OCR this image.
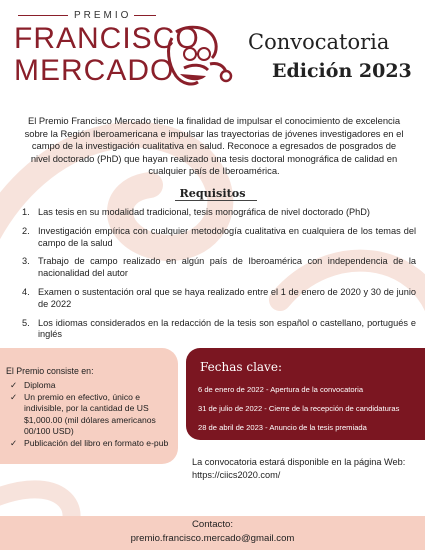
PREMIO
FRANCISCO
MERCADO
Convocatoria
Edición 2023
El Premio Francisco Mercado tiene la finalidad de impulsar el conocimiento de excelencia sobre la Región Iberoamericana e impulsar las trayectorias de jóvenes investigadores en el campo de la investigación cualitativa en salud. Reconoce a egresados de posgrados de nivel doctorado (PhD) que hayan realizado una tesis doctoral monográfica de calidad en cualquier país de Iberoamérica.
Requisitos
1. Las tesis en su modalidad tradicional, tesis monográfica de nivel doctorado (PhD)
2. Investigación empírica con cualquier metodología cualitativa en cualquiera de los temas del campo de la salud
3. Trabajo de campo realizado en algún país de Iberoamérica con independencia de la nacionalidad del autor
4. Examen o sustentación oral que se haya realizado entre el 1 de enero de 2020 y 30 de junio de 2022
5. Los idiomas considerados en la redacción de la tesis son español o castellano, portugués e inglés
El Premio consiste en:
✓ Diploma
✓ Un premio en efectivo, único e indivisible, por la cantidad de US $1,000.00 (mil dólares americanos 00/100 USD)
✓ Publicación del libro en formato e-pub
Fechas clave:
6 de enero de 2022 - Apertura de la convocatoria
31 de julio de 2022 - Cierre de la recepción de candidaturas
28 de abril de 2023 - Anuncio de la tesis premiada
La convocatoria estará disponible en la página Web:
https://ciics2020.com/
Contacto:
premio.francisco.mercado@gmail.com
